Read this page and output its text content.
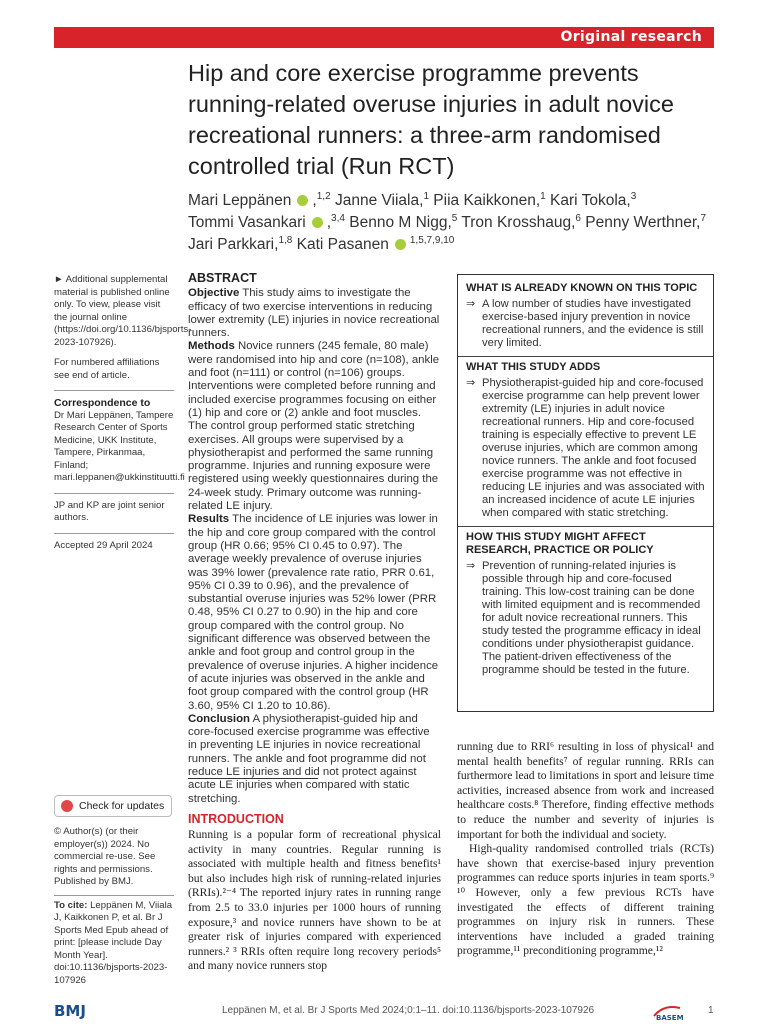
Original research
Hip and core exercise programme prevents running-related overuse injuries in adult novice recreational runners: a three-arm randomised controlled trial (Run RCT)
Mari Leppänen ,$^{1,2}$ Janne Viiala,$^1$ Piia Kaikkonen,$^1$ Kari Tokola,$^3$
Tommi Vasankari ,$^{3,4}$ Benno M Nigg,$^5$ Tron Krosshaug,$^6$ Penny Werthner,$^7$
Jari Parkkari,$^{1,8}$ Kati Pasanen $^{1,5,7,9,10}$

► Additional supplemental material is published online only. To view, please visit the journal online (https://doi.org/10.1136/bjsports-2023-107926).

For numbered affiliations see end of article.

Correspondence to

Dr Mari Leppänen, Tampere Research Center of Sports Medicine, UKK Institute, Tampere, Pirkanmaa, Finland; mari.leppanen@ukkinstituutti.fi

JP and KP are joint senior authors.

Accepted 29 April 2024

Check for updates

© Author(s) (or their employer(s)) 2024. No commercial re-use. See rights and permissions. Published by BMJ.

To cite: Leppänen M, Viiala J, Kaikkonen P, et al. Br J Sports Med Epub ahead of print: [please include Day Month Year]. doi:10.1136/bjsports-2023-107926

ABSTRACT

Objective This study aims to investigate the efficacy of two exercise interventions in reducing lower extremity (LE) injuries in novice recreational runners.

Methods Novice runners (245 female, 80 male) were randomised into hip and core (n=108), ankle and foot (n=111) or control (n=106) groups. Interventions were completed before running and included exercise programmes focusing on either (1) hip and core or (2) ankle and foot muscles. The control group performed static stretching exercises. All groups were supervised by a physiotherapist and performed the same running programme. Injuries and running exposure were registered using weekly questionnaires during the 24-week study. Primary outcome was running-related LE injury.

Results The incidence of LE injuries was lower in the hip and core group compared with the control group (HR 0.66; 95% CI 0.45 to 0.97). The average weekly prevalence of overuse injuries was 39% lower (prevalence rate ratio, PRR 0.61, 95% CI 0.39 to 0.96), and the prevalence of substantial overuse injuries was 52% lower (PRR 0.48, 95% CI 0.27 to 0.90) in the hip and core group compared with the control group. No significant difference was observed between the ankle and foot group and control group in the prevalence of overuse injuries. A higher incidence of acute injuries was observed in the ankle and foot group compared with the control group (HR 3.60, 95% CI 1.20 to 10.86).

Conclusion A physiotherapist-guided hip and core-focused exercise programme was effective in preventing LE injuries in novice recreational runners. The ankle and foot programme did not reduce LE injuries and did not protect against acute LE injuries when compared with static stretching.

WHAT IS ALREADY KNOWN ON THIS TOPIC
⇒ A low number of studies have investigated exercise-based injury prevention in novice recreational runners, and the evidence is still very limited.
WHAT THIS STUDY ADDS
⇒ Physiotherapist-guided hip and core-focused exercise programme can help prevent lower extremity (LE) injuries in adult novice recreational runners. Hip and core-focused training is especially effective to prevent LE overuse injuries, which are common among novice runners. The ankle and foot focused exercise programme was not effective in reducing LE injuries and was associated with an increased incidence of acute LE injuries when compared with static stretching.
HOW THIS STUDY MIGHT AFFECT RESEARCH, PRACTICE OR POLICY
⇒ Prevention of running-related injuries is possible through hip and core-focused training. This low-cost training can be done with limited equipment and is recommended for adult novice recreational runners. This study tested the programme efficacy in ideal conditions under physiotherapist guidance. The patient-driven effectiveness of the programme should be tested in the future.
INTRODUCTION

Running is a popular form of recreational physical activity in many countries. Regular running is associated with multiple health and fitness benefits¹ but also includes high risk of running-related injuries (RRIs).²⁻⁴ The reported injury rates in running range from 2.5 to 33.0 injuries per 1000 hours of running exposure,³ and novice runners have shown to be at greater risk of injuries compared with experienced runners.² ³ RRIs often require long recovery periods⁵ and many novice runners stop

running due to RRI⁶ resulting in loss of physical¹ and mental health benefits⁷ of regular running. RRIs can furthermore lead to limitations in sport and leisure time activities, increased absence from work and increased healthcare costs.⁸ Therefore, finding effective methods to reduce the number and severity of injuries is important for both the individual and society.

High-quality randomised controlled trials (RCTs) have shown that exercise-based injury prevention programmes can reduce sports injuries in team sports.⁹ ¹⁰ However, only a few previous RCTs have investigated the effects of different training programmes on injury risk in runners. These interventions have included a graded training programme,¹¹ preconditioning programme,¹²

BMJ	Leppänen M, et al. Br J Sports Med 2024;0:1–11. doi:10.1136/bjsports-2023-107926
BASEM
1
